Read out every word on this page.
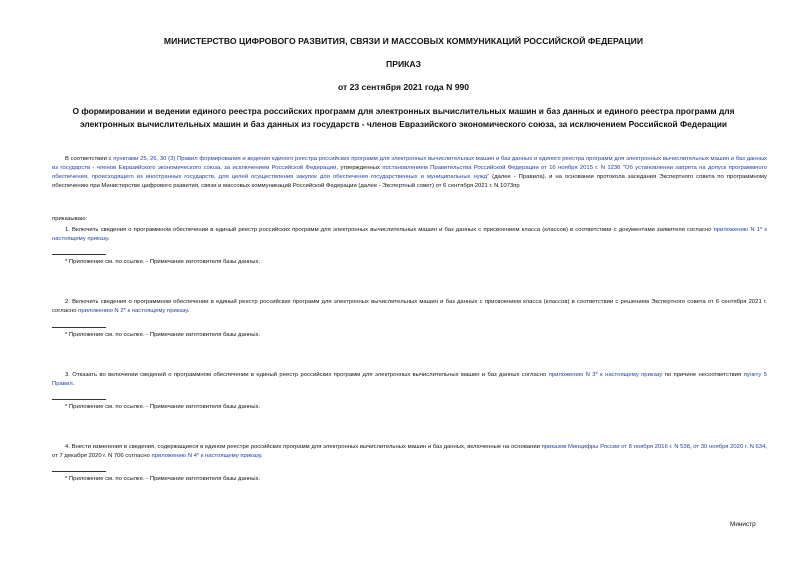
МИНИСТЕРСТВО ЦИФРОВОГО РАЗВИТИЯ, СВЯЗИ И МАССОВЫХ КОММУНИКАЦИЙ РОССИЙСКОЙ ФЕДЕРАЦИИ
ПРИКАЗ
от 23 сентября 2021 года N 990
О формировании и ведении единого реестра российских программ для электронных вычислительных машин и баз данных и единого реестра программ для электронных вычислительных машин и баз данных из государств - членов Евразийского экономического союза, за исключением Российской Федерации
В соответствии с пунктами 25, 26, 30 (3) Правил формирования и ведения единого реестра российских программ для электронных вычислительных машин и баз данных и единого реестра программ для электронных вычислительных машин и баз данных из государств - членов Евразийского экономического союза, за исключением Российской Федерации, утвержденных постановлением Правительства Российской Федерации от 16 ноября 2015 г. N 1236 "Об установлении запрета на допуск программного обеспечения, происходящего из иностранных государств, для целей осуществления закупок для обеспечения государственных и муниципальных нужд" (далее - Правила), и на основании протокола заседания Экспертного совета по программному обеспечению при Министерстве цифрового развития, связи и массовых коммуникаций Российской Федерации (далее - Экспертный совет) от 6 сентября 2021 г. N 1073пр
приказываю:
1. Включить сведения о программном обеспечении в единый реестр российских программ для электронных вычислительных машин и баз данных с присвоением класса (классов) в соответствии с документами заявителя согласно приложению N 1* к настоящему приказу.
* Приложение см. по ссылке. - Примечание изготовителя базы данных.
2. Включить сведения о программном обеспечении в единый реестр российских программ для электронных вычислительных машин и баз данных с присвоением класса (классов) в соответствии с решением Экспертного совета от 6 сентября 2021 г. согласно приложению N 2* к настоящему приказу.
* Приложение см. по ссылке. - Примечание изготовителя базы данных.
3. Отказать во включении сведений о программном обеспечении в единый реестр российских программ для электронных вычислительных машин и баз данных согласно приложению N 3* к настоящему приказу по причине несоответствия пункту 5 Правил.
* Приложение см. по ссылке. - Примечание изготовителя базы данных.
4. Внести изменения в сведения, содержащиеся в едином реестре российских программ для электронных вычислительных машин и баз данных, включенные на основании приказов Минцифры России от 8 ноября 2016 г. N 538, от 30 ноября 2020 г. N 634, от 7 декабря 2020 г. N 706 согласно приложению N 4* к настоящему приказу.
* Приложение см. по ссылке. - Примечание изготовителя базы данных.
Министр
